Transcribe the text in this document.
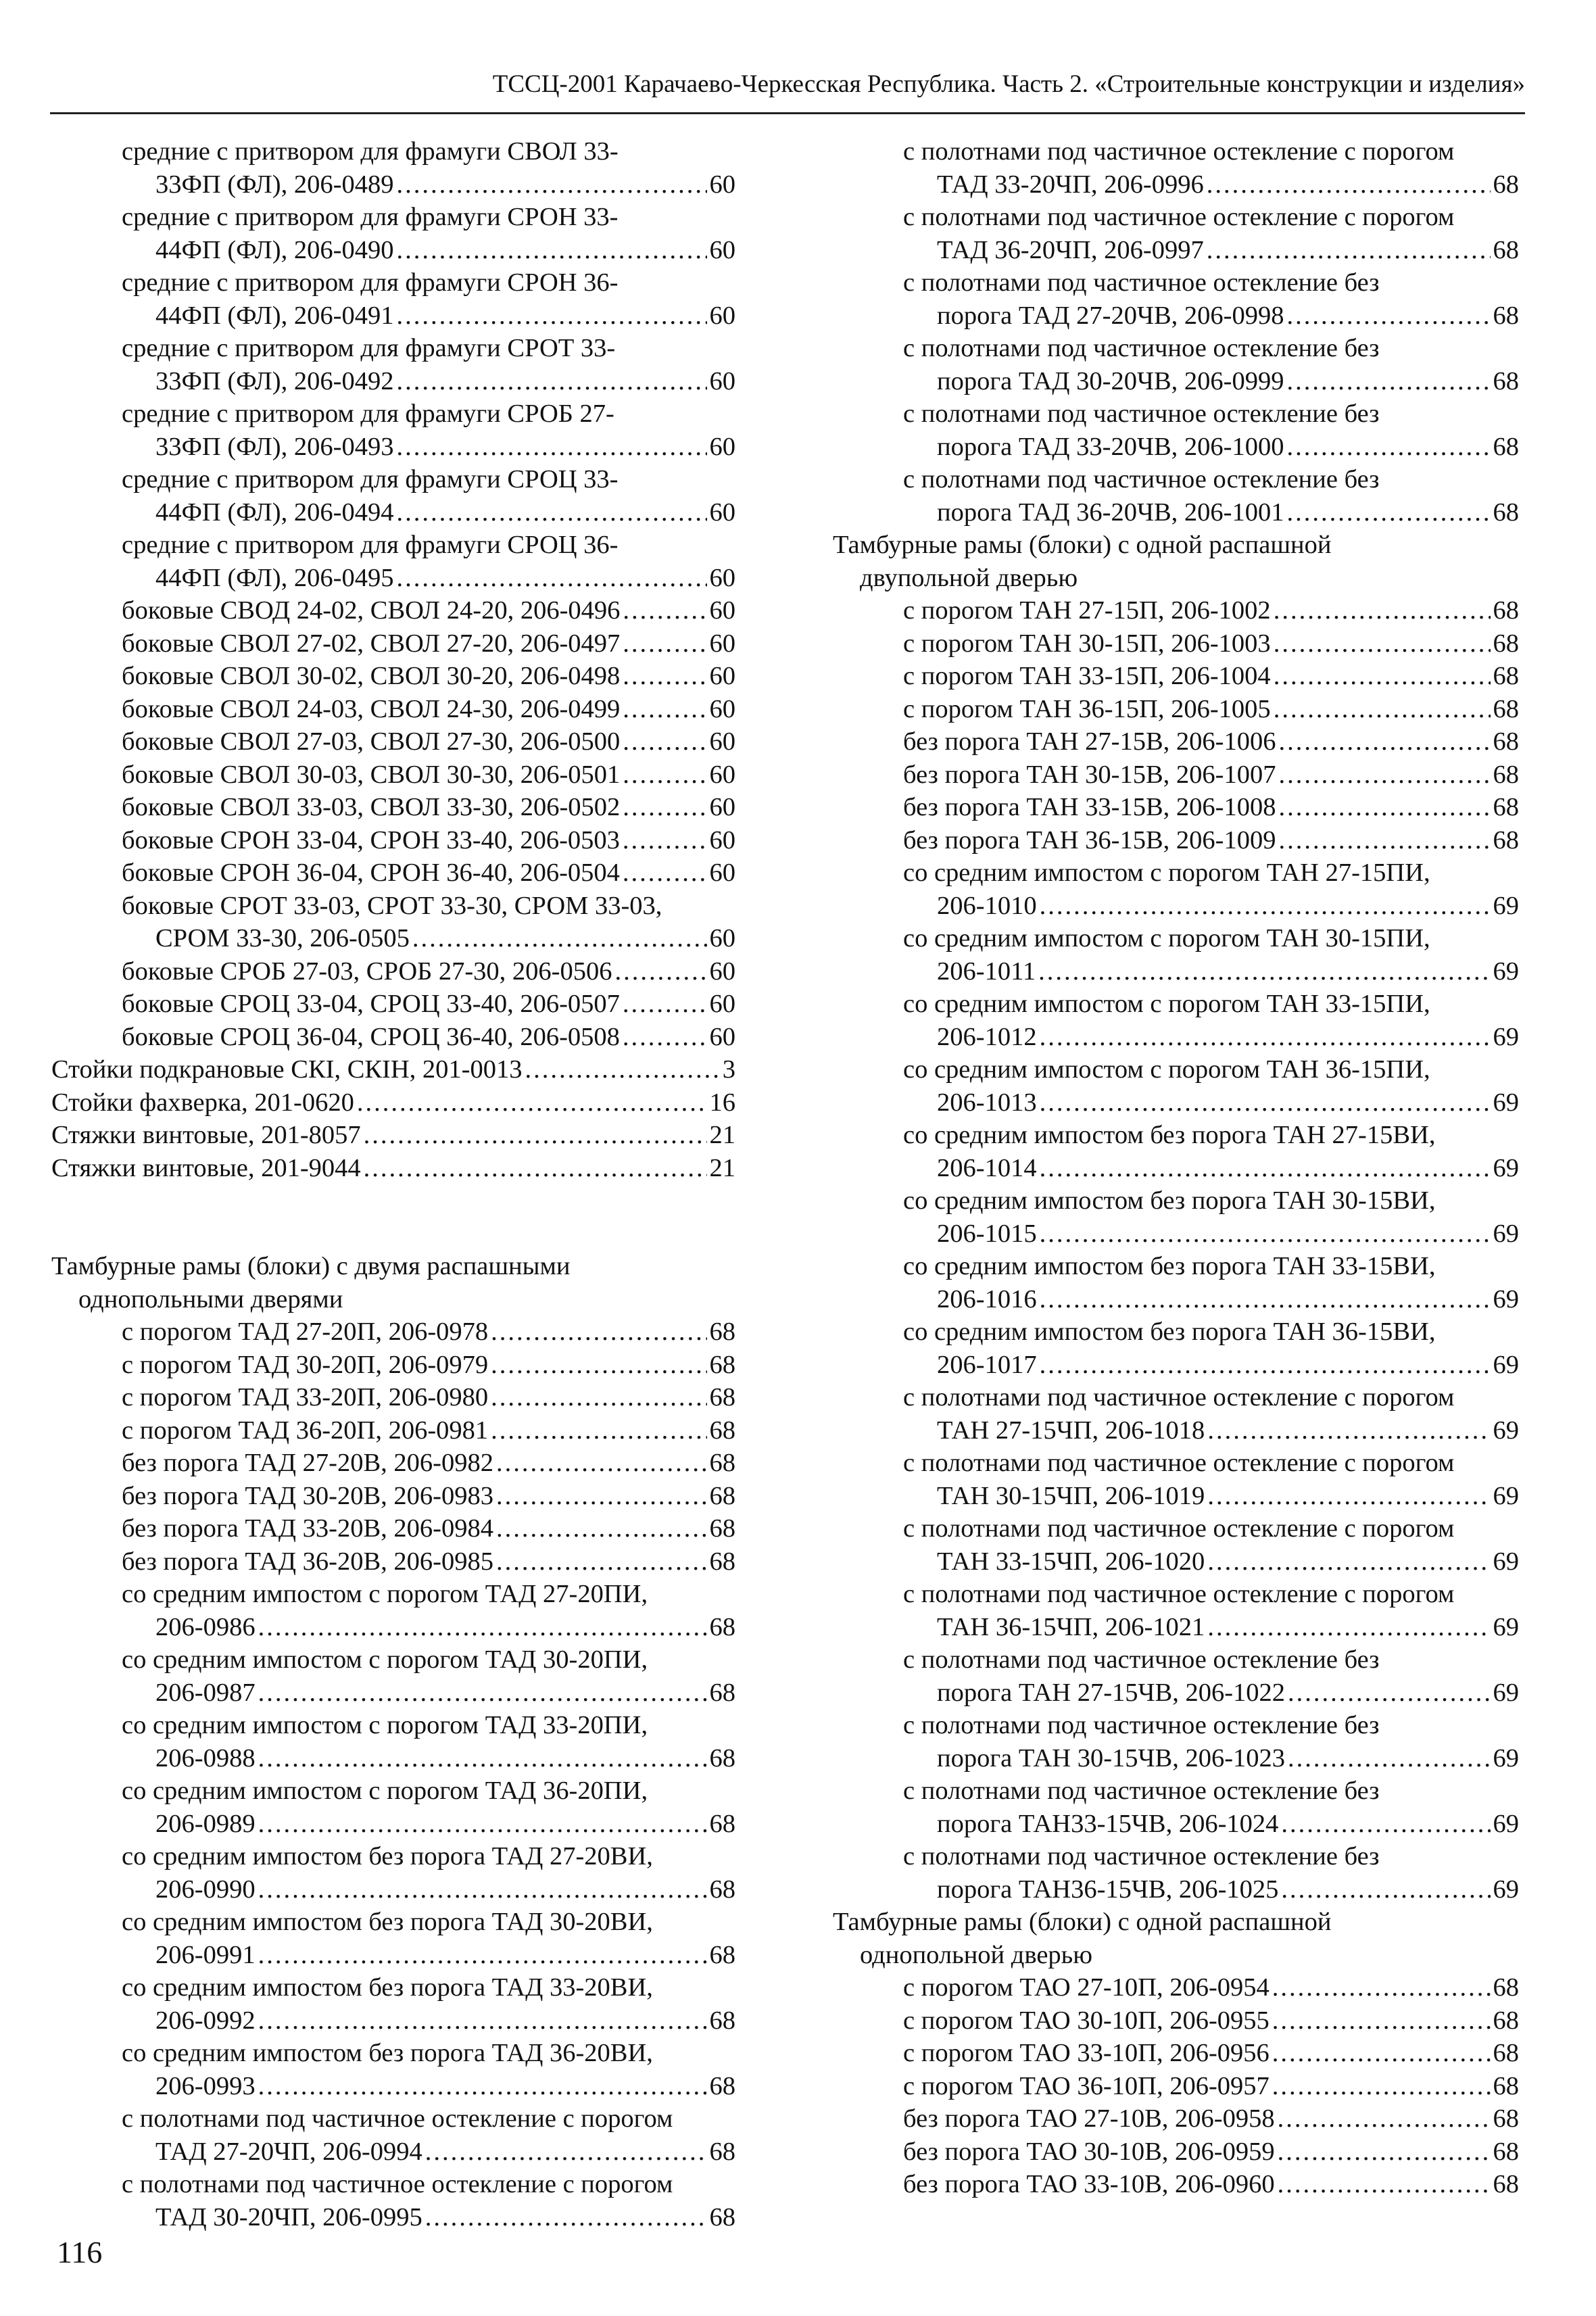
ТССЦ-2001 Карачаево-Черкесская Республика. Часть 2. «Строительные конструкции и изделия»
средние с притвором для фрамуги СВОЛ 33-
33ФП (ФЛ), 206-0489 .....	60
средние с притвором для фрамуги СРОН 33-
44ФП (ФЛ), 206-0490 .....	60
средние с притвором для фрамуги СРОН 36-
44ФП (ФЛ), 206-0491 .....	60
средние с притвором для фрамуги СРОТ 33-
33ФП (ФЛ), 206-0492 .....	60
средние с притвором для фрамуги СРОБ 27-
33ФП (ФЛ), 206-0493 .....	60
средние с притвором для фрамуги СРОЦ 33-
44ФП (ФЛ), 206-0494 .....	60
средние с притвором для фрамуги СРОЦ 36-
44ФП (ФЛ), 206-0495 .....	60
боковые СВОД 24-02, СВОЛ 24-20, 206-0496 .....	60
боковые СВОЛ 27-02, СВОЛ 27-20, 206-0497 .....	60
боковые СВОЛ 30-02, СВОЛ 30-20, 206-0498 .....	60
боковые СВОЛ 24-03, СВОЛ 24-30, 206-0499 .....	60
боковые СВОЛ 27-03, СВОЛ 27-30, 206-0500 .....	60
боковые СВОЛ 30-03, СВОЛ 30-30, 206-0501 .....	60
боковые СВОЛ 33-03, СВОЛ 33-30, 206-0502 .....	60
боковые СРОН 33-04, СРОН 33-40, 206-0503 .....	60
боковые СРОН 36-04, СРОН 36-40, 206-0504 .....	60
боковые СРОТ 33-03, СРОТ 33-30, СРОМ 33-03,
СРОМ 33-30, 206-0505 .....	60
боковые СРОБ 27-03, СРОБ 27-30, 206-0506 .....	60
боковые СРОЦ 33-04, СРОЦ 33-40, 206-0507 .....	60
боковые СРОЦ 36-04, СРОЦ 36-40, 206-0508 .....	60
Стойки подкрановые СКI, СКIН, 201-0013 .....	3
Стойки фахверка, 201-0620 .....	16
Стяжки винтовые, 201-8057 .....	21
Стяжки винтовые, 201-9044 .....	21
Тамбурные рамы (блоки) с двумя распашными
однопольными дверями
с порогом ТАД 27-20П, 206-0978 .....	68
с порогом ТАД 30-20П, 206-0979 .....	68
с порогом ТАД 33-20П, 206-0980 .....	68
с порогом ТАД 36-20П, 206-0981 .....	68
без порога ТАД 27-20В, 206-0982 .....	68
без порога ТАД 30-20В, 206-0983 .....	68
без порога ТАД 33-20В, 206-0984 .....	68
без порога ТАД 36-20В, 206-0985 .....	68
со средним импостом с порогом ТАД 27-20ПИ,
206-0986 .....	68
со средним импостом с порогом ТАД 30-20ПИ,
206-0987 .....	68
со средним импостом с порогом ТАД 33-20ПИ,
206-0988 .....	68
со средним импостом с порогом ТАД 36-20ПИ,
206-0989 .....	68
со средним импостом без порога ТАД 27-20ВИ,
206-0990 .....	68
со средним импостом без порога ТАД 30-20ВИ,
206-0991 .....	68
со средним импостом без порога ТАД 33-20ВИ,
206-0992 .....	68
со средним импостом без порога ТАД 36-20ВИ,
206-0993 .....	68
с полотнами под частичное остекление с порогом
ТАД 27-20ЧП, 206-0994 .....	68
с полотнами под частичное остекление с порогом
ТАД 30-20ЧП, 206-0995 .....	68
с полотнами под частичное остекление с порогом
ТАД 33-20ЧП, 206-0996 .....	68
с полотнами под частичное остекление с порогом
ТАД 36-20ЧП, 206-0997 .....	68
с полотнами под частичное остекление без
порога ТАД 27-20ЧВ, 206-0998 .....	68
с полотнами под частичное остекление без
порога ТАД 30-20ЧВ, 206-0999 .....	68
с полотнами под частичное остекление без
порога ТАД 33-20ЧВ, 206-1000 .....	68
с полотнами под частичное остекление без
порога ТАД 36-20ЧВ, 206-1001 .....	68
Тамбурные рамы (блоки) с одной распашной
двупольной дверью
с порогом ТАН 27-15П, 206-1002 .....	68
с порогом ТАН 30-15П, 206-1003 .....	68
с порогом ТАН 33-15П, 206-1004 .....	68
с порогом ТАН 36-15П, 206-1005 .....	68
без порога ТАН 27-15В, 206-1006 .....	68
без порога ТАН 30-15В, 206-1007 .....	68
без порога ТАН 33-15В, 206-1008 .....	68
без порога ТАН 36-15В, 206-1009 .....	68
со средним импостом с порогом ТАН 27-15ПИ,
206-1010 .....	69
со средним импостом с порогом ТАН 30-15ПИ,
206-1011 .....	69
со средним импостом с порогом ТАН 33-15ПИ,
206-1012 .....	69
со средним импостом с порогом ТАН 36-15ПИ,
206-1013 .....	69
со средним импостом без порога ТАН 27-15ВИ,
206-1014 .....	69
со средним импостом без порога ТАН 30-15ВИ,
206-1015 .....	69
со средним импостом без порога ТАН 33-15ВИ,
206-1016 .....	69
со средним импостом без порога ТАН 36-15ВИ,
206-1017 .....	69
с полотнами под частичное остекление с порогом
ТАН 27-15ЧП, 206-1018 .....	69
с полотнами под частичное остекление с порогом
ТАН 30-15ЧП, 206-1019 .....	69
с полотнами под частичное остекление с порогом
ТАН 33-15ЧП, 206-1020 .....	69
с полотнами под частичное остекление с порогом
ТАН 36-15ЧП, 206-1021 .....	69
с полотнами под частичное остекление без
порога ТАН 27-15ЧВ, 206-1022 .....	69
с полотнами под частичное остекление без
порога ТАН 30-15ЧВ, 206-1023 .....	69
с полотнами под частичное остекление без
порога ТАН33-15ЧВ, 206-1024 .....	69
с полотнами под частичное остекление без
порога ТАН36-15ЧВ, 206-1025 .....	69
Тамбурные рамы (блоки) с одной распашной
однопольной дверью
с порогом ТАО 27-10П, 206-0954 .....	68
с порогом ТАО 30-10П, 206-0955 .....	68
с порогом ТАО 33-10П, 206-0956 .....	68
с порогом ТАО 36-10П, 206-0957 .....	68
без порога ТАО 27-10В, 206-0958 .....	68
без порога ТАО 30-10В, 206-0959 .....	68
без порога ТАО 33-10В, 206-0960 .....	68
116
